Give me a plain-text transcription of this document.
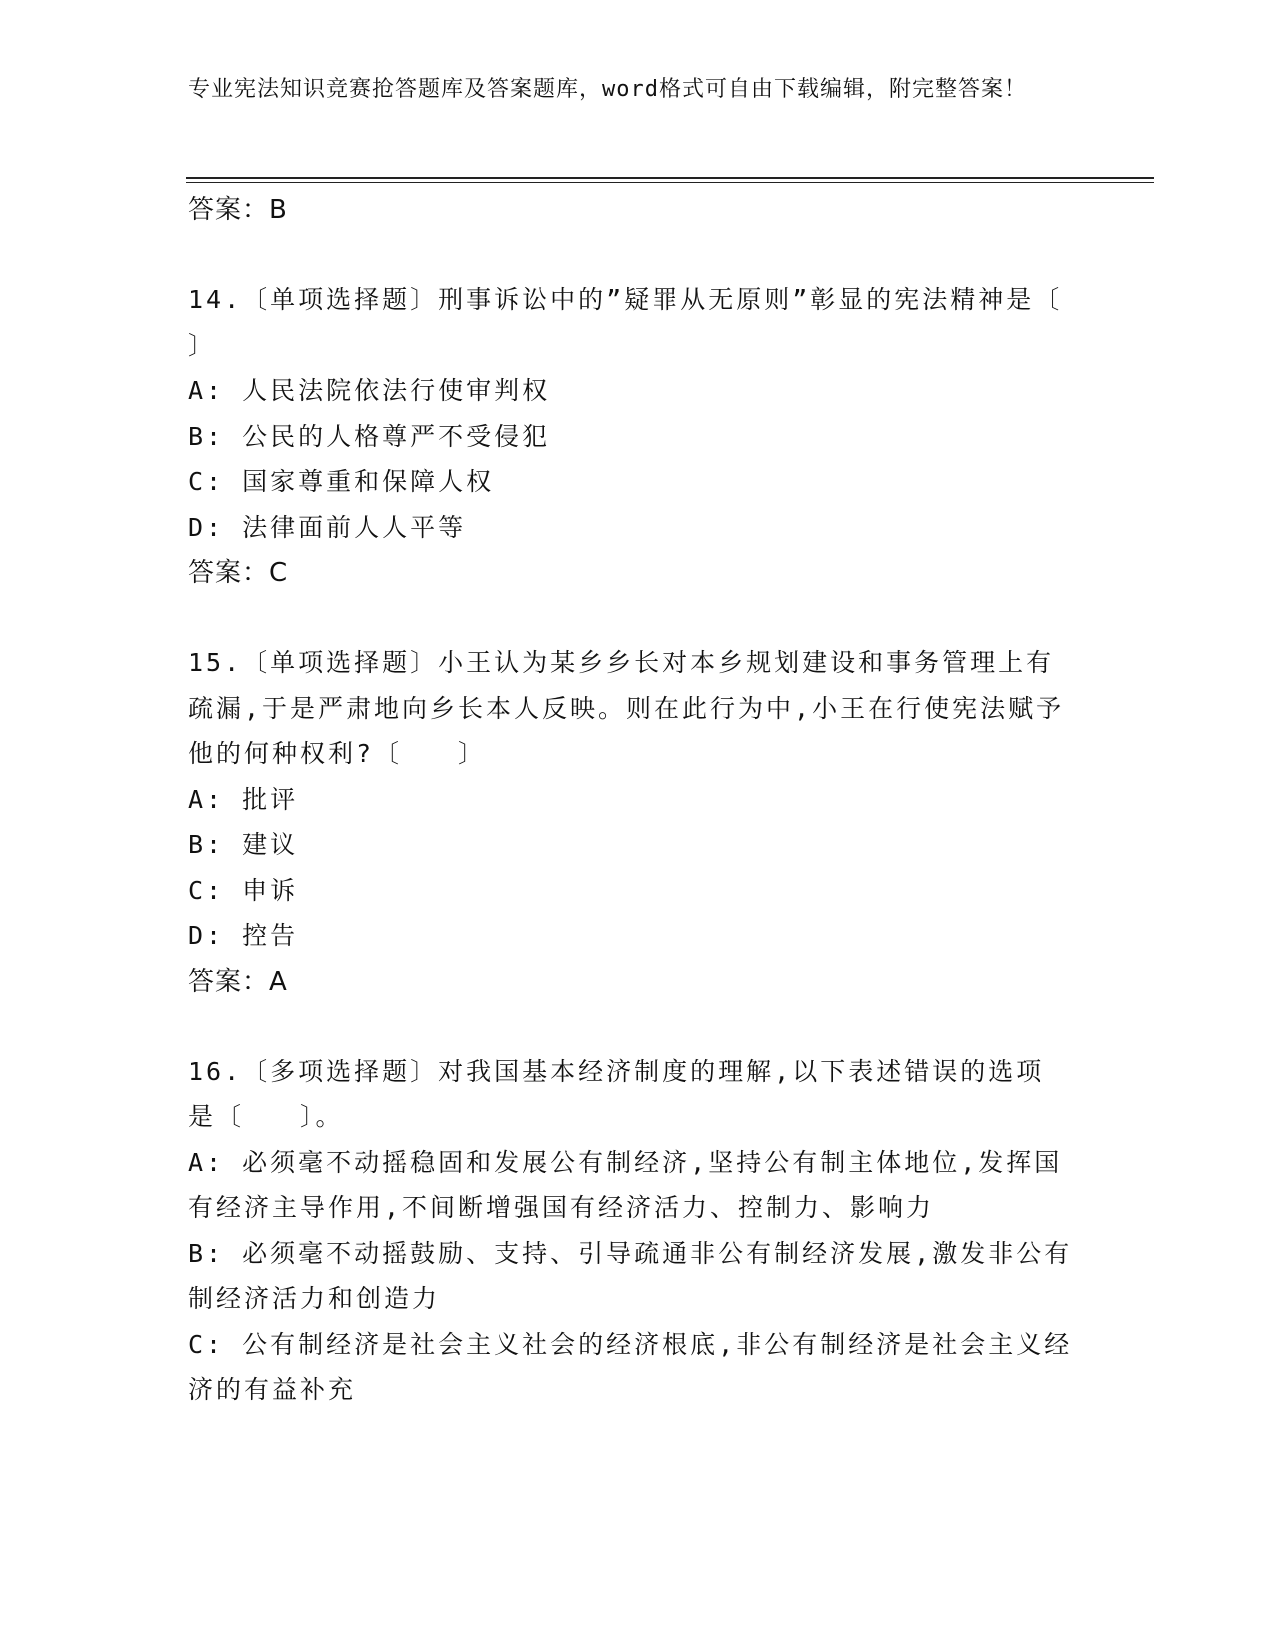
专业宪法知识竞赛抢答题库及答案题库，word格式可自由下载编辑，附完整答案！
答案：B
14.〔单项选择题〕刑事诉讼中的”疑罪从无原则”彰显的宪法精神是〔　　〕
A: 人民法院依法行使审判权
B: 公民的人格尊严不受侵犯
C: 国家尊重和保障人权
D: 法律面前人人平等
答案：C
15.〔单项选择题〕小王认为某乡乡长对本乡规划建设和事务管理上有疏漏,于是严肃地向乡长本人反映。则在此行为中,小王在行使宪法赋予他的何种权利?〔　　〕
A: 批评
B: 建议
C: 申诉
D: 控告
答案：A
16.〔多项选择题〕对我国基本经济制度的理解,以下表述错误的选项是〔　　〕。
A: 必须毫不动摇稳固和发展公有制经济,坚持公有制主体地位,发挥国有经济主导作用,不间断增强国有经济活力、控制力、影响力
B: 必须毫不动摇鼓励、支持、引导疏通非公有制经济发展,激发非公有制经济活力和创造力
C: 公有制经济是社会主义社会的经济根底,非公有制经济是社会主义经济的有益补充
